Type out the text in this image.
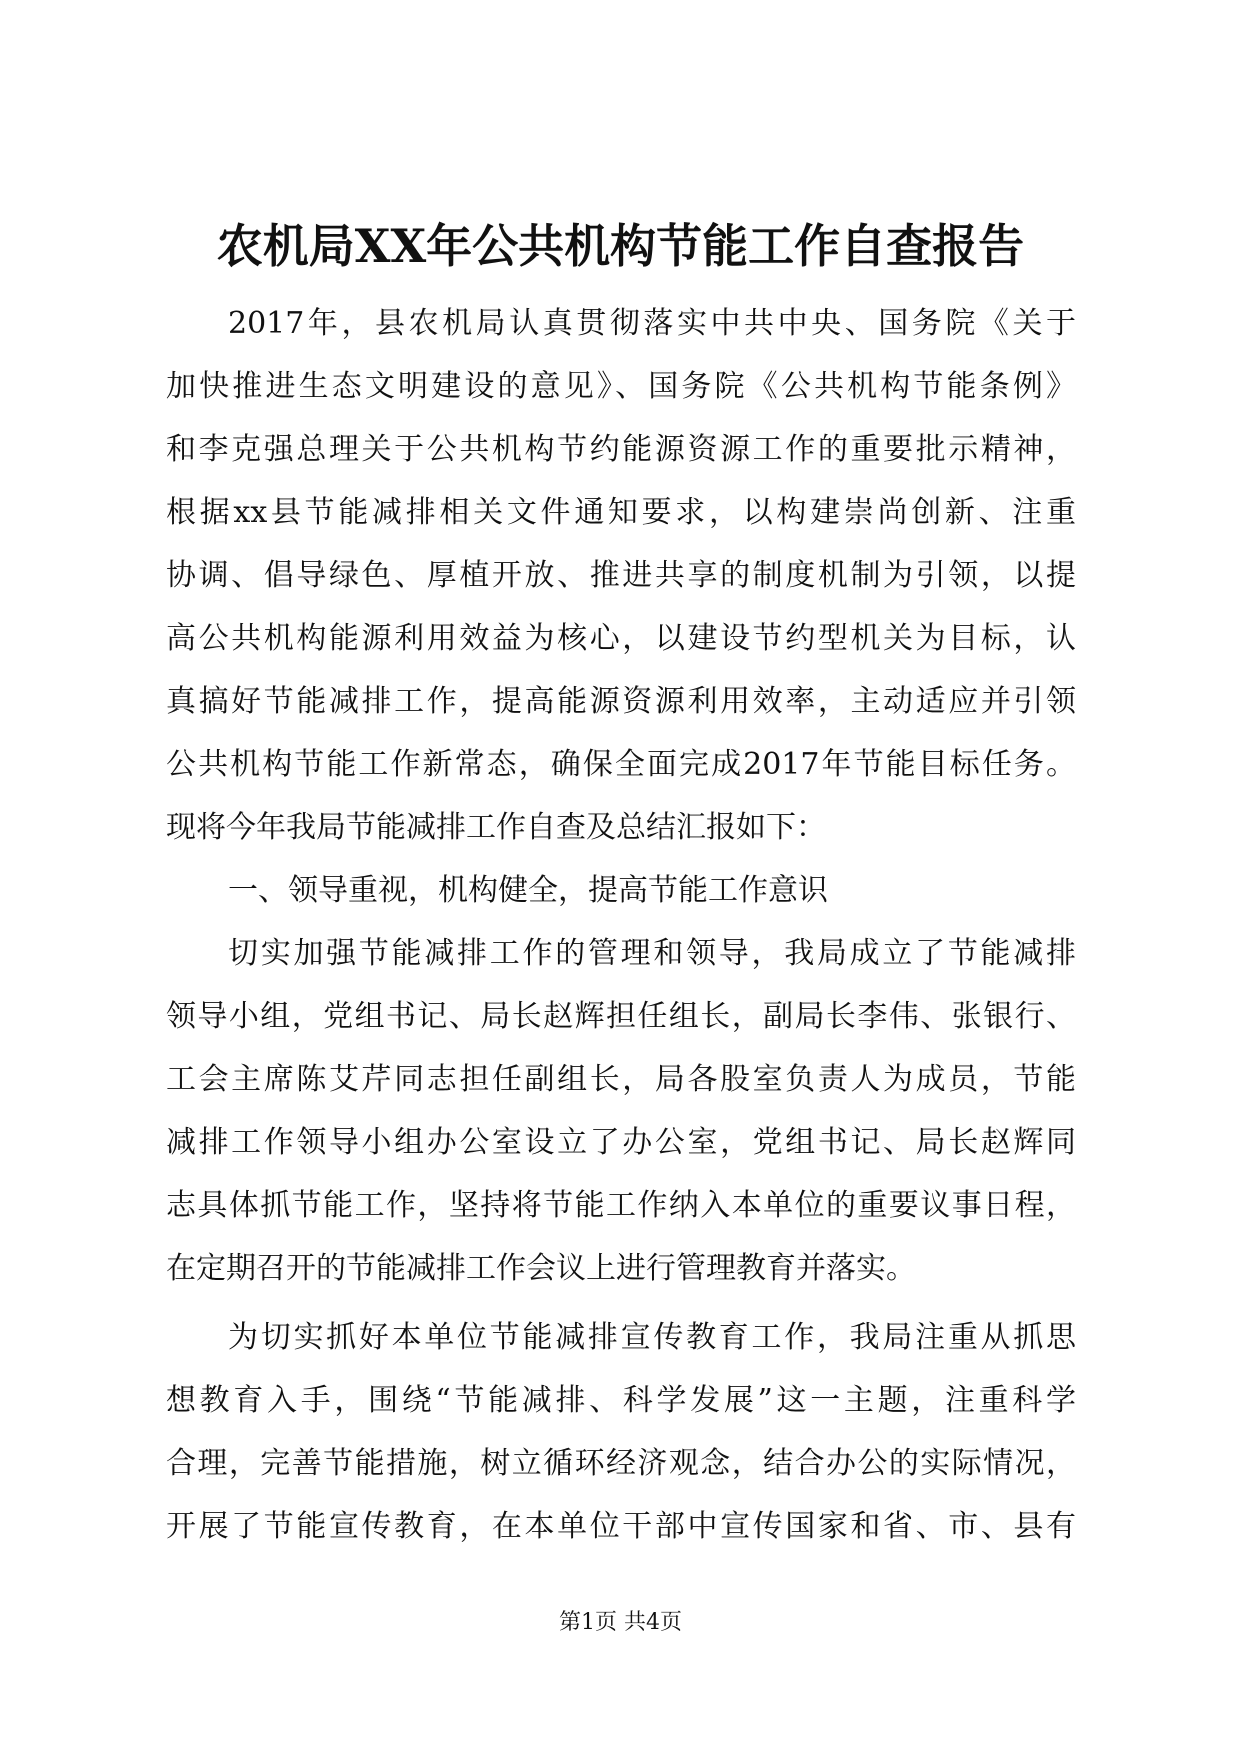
农机局XX年公共机构节能工作自查报告
2017年，县农机局认真贯彻落实中共中央、国务院《关于
加快推进生态文明建设的意见》、国务院《公共机构节能条例》
和李克强总理关于公共机构节约能源资源工作的重要批示精神，
根据xx县节能减排相关文件通知要求，以构建崇尚创新、注重
协调、倡导绿色、厚植开放、推进共享的制度机制为引领，以提
高公共机构能源利用效益为核心，以建设节约型机关为目标，认
真搞好节能减排工作，提高能源资源利用效率，主动适应并引领
公共机构节能工作新常态，确保全面完成2017年节能目标任务。
现将今年我局节能减排工作自查及总结汇报如下：
一、领导重视，机构健全，提高节能工作意识
切实加强节能减排工作的管理和领导，我局成立了节能减排
领导小组，党组书记、局长赵辉担任组长，副局长李伟、张银行、
工会主席陈艾芹同志担任副组长，局各股室负责人为成员，节能
减排工作领导小组办公室设立了办公室，党组书记、局长赵辉同
志具体抓节能工作，坚持将节能工作纳入本单位的重要议事日程，
在定期召开的节能减排工作会议上进行管理教育并落实。
为切实抓好本单位节能减排宣传教育工作，我局注重从抓思
想教育入手，围绕“节能减排、科学发展”这一主题，注重科学
合理，完善节能措施，树立循环经济观念，结合办公的实际情况，
开展了节能宣传教育，在本单位干部中宣传国家和省、市、县有
第1页 共4页
